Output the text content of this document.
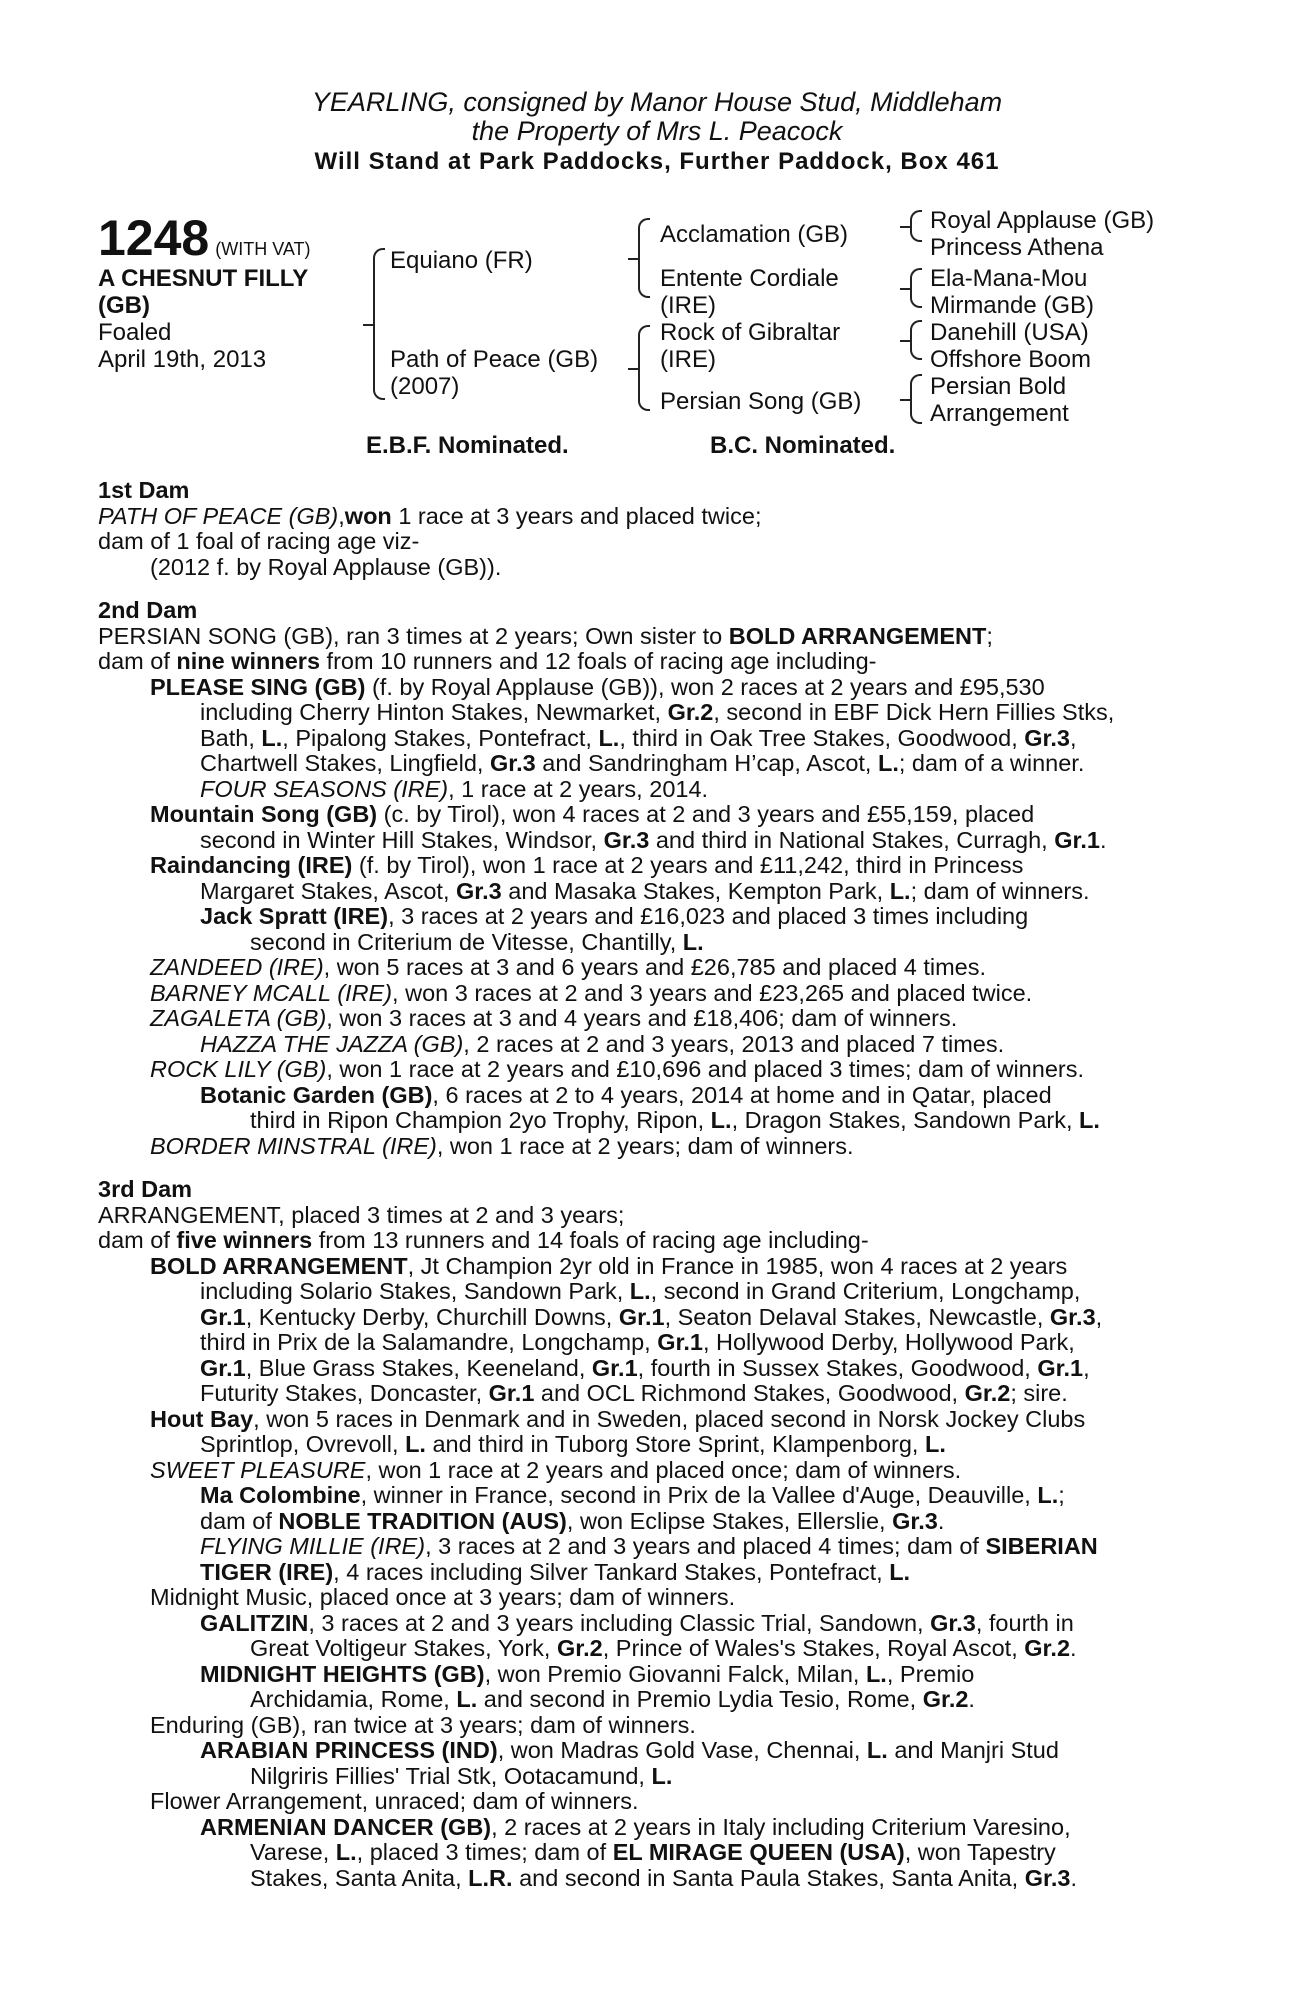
YEARLING, consigned by Manor House Stud, Middleham
the Property of Mrs L. Peacock
Will Stand at Park Paddocks, Further Paddock, Box 461
1248 (WITH VAT)
A CHESNUT FILLY
(GB)
Foaled
April 19th, 2013
Equiano (FR)
Path of Peace (GB)
(2007)
Acclamation (GB)
Entente Cordiale
(IRE)
Rock of Gibraltar
(IRE)
Persian Song (GB)
Royal Applause (GB)
Princess Athena
Ela-Mana-Mou
Mirmande (GB)
Danehill (USA)
Offshore Boom
Persian Bold
Arrangement
E.B.F. Nominated.	B.C. Nominated.
1st Dam
PATH OF PEACE (GB),won 1 race at 3 years and placed twice;
dam of 1 foal of racing age viz-
(2012 f. by Royal Applause (GB)).
2nd Dam
PERSIAN SONG (GB), ran 3 times at 2 years; Own sister to BOLD ARRANGEMENT;
dam of nine winners from 10 runners and 12 foals of racing age including-
PLEASE SING (GB) (f. by Royal Applause (GB)), won 2 races at 2 years and £95,530
including Cherry Hinton Stakes, Newmarket, Gr.2, second in EBF Dick Hern Fillies Stks,
Bath, L., Pipalong Stakes, Pontefract, L., third in Oak Tree Stakes, Goodwood, Gr.3,
Chartwell Stakes, Lingfield, Gr.3 and Sandringham H’cap, Ascot, L.; dam of a winner.
FOUR SEASONS (IRE), 1 race at 2 years, 2014.
Mountain Song (GB) (c. by Tirol), won 4 races at 2 and 3 years and £55,159, placed
second in Winter Hill Stakes, Windsor, Gr.3 and third in National Stakes, Curragh, Gr.1.
Raindancing (IRE) (f. by Tirol), won 1 race at 2 years and £11,242, third in Princess
Margaret Stakes, Ascot, Gr.3 and Masaka Stakes, Kempton Park, L.; dam of winners.
Jack Spratt (IRE), 3 races at 2 years and £16,023 and placed 3 times including
second in Criterium de Vitesse, Chantilly, L.
ZANDEED (IRE), won 5 races at 3 and 6 years and £26,785 and placed 4 times.
BARNEY MCALL (IRE), won 3 races at 2 and 3 years and £23,265 and placed twice.
ZAGALETA (GB), won 3 races at 3 and 4 years and £18,406; dam of winners.
HAZZA THE JAZZA (GB), 2 races at 2 and 3 years, 2013 and placed 7 times.
ROCK LILY (GB), won 1 race at 2 years and £10,696 and placed 3 times; dam of winners.
Botanic Garden (GB), 6 races at 2 to 4 years, 2014 at home and in Qatar, placed
third in Ripon Champion 2yo Trophy, Ripon, L., Dragon Stakes, Sandown Park, L.
BORDER MINSTRAL (IRE), won 1 race at 2 years; dam of winners.
3rd Dam
ARRANGEMENT, placed 3 times at 2 and 3 years;
dam of five winners from 13 runners and 14 foals of racing age including-
BOLD ARRANGEMENT, Jt Champion 2yr old in France in 1985, won 4 races at 2 years
including Solario Stakes, Sandown Park, L., second in Grand Criterium, Longchamp,
Gr.1, Kentucky Derby, Churchill Downs, Gr.1, Seaton Delaval Stakes, Newcastle, Gr.3,
third in Prix de la Salamandre, Longchamp, Gr.1, Hollywood Derby, Hollywood Park,
Gr.1, Blue Grass Stakes, Keeneland, Gr.1, fourth in Sussex Stakes, Goodwood, Gr.1,
Futurity Stakes, Doncaster, Gr.1 and OCL Richmond Stakes, Goodwood, Gr.2; sire.
Hout Bay, won 5 races in Denmark and in Sweden, placed second in Norsk Jockey Clubs
Sprintlop, Ovrevoll, L. and third in Tuborg Store Sprint, Klampenborg, L.
SWEET PLEASURE, won 1 race at 2 years and placed once; dam of winners.
Ma Colombine, winner in France, second in Prix de la Vallee d'Auge, Deauville, L.;
dam of NOBLE TRADITION (AUS), won Eclipse Stakes, Ellerslie, Gr.3.
FLYING MILLIE (IRE), 3 races at 2 and 3 years and placed 4 times; dam of SIBERIAN
TIGER (IRE), 4 races including Silver Tankard Stakes, Pontefract, L.
Midnight Music, placed once at 3 years; dam of winners.
GALITZIN, 3 races at 2 and 3 years including Classic Trial, Sandown, Gr.3, fourth in
Great Voltigeur Stakes, York, Gr.2, Prince of Wales's Stakes, Royal Ascot, Gr.2.
MIDNIGHT HEIGHTS (GB), won Premio Giovanni Falck, Milan, L., Premio
Archidamia, Rome, L. and second in Premio Lydia Tesio, Rome, Gr.2.
Enduring (GB), ran twice at 3 years; dam of winners.
ARABIAN PRINCESS (IND), won Madras Gold Vase, Chennai, L. and Manjri Stud
Nilgriris Fillies' Trial Stk, Ootacamund, L.
Flower Arrangement, unraced; dam of winners.
ARMENIAN DANCER (GB), 2 races at 2 years in Italy including Criterium Varesino,
Varese, L., placed 3 times; dam of EL MIRAGE QUEEN (USA), won Tapestry
Stakes, Santa Anita, L.R. and second in Santa Paula Stakes, Santa Anita, Gr.3.
